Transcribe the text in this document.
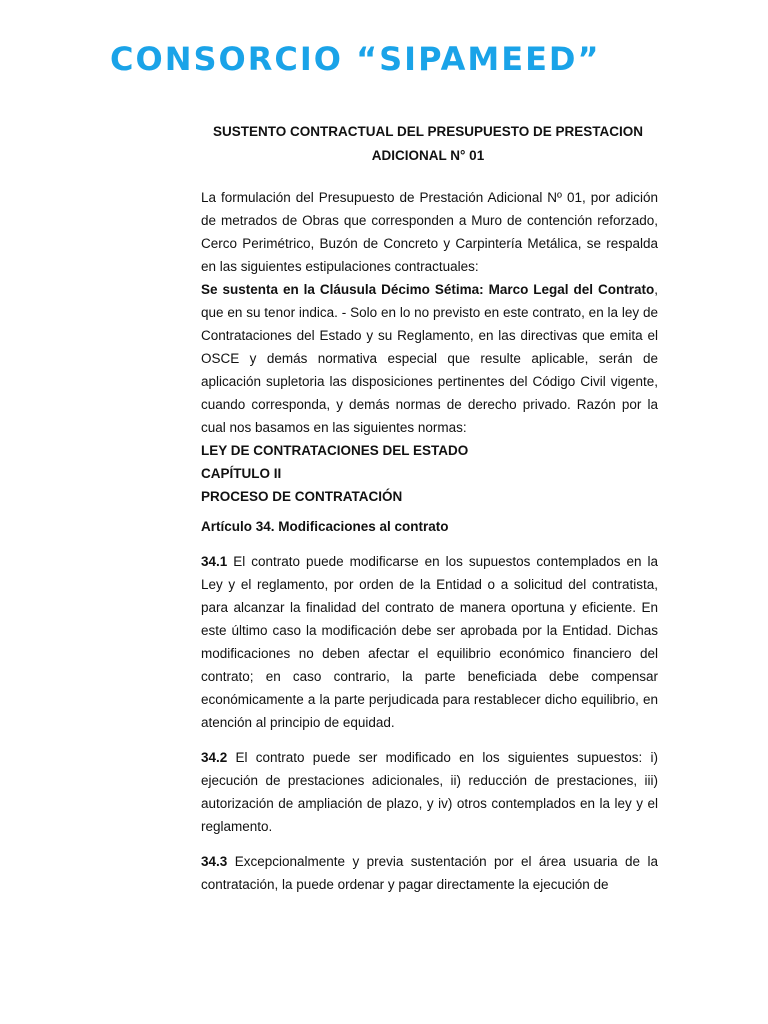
CONSORCIO “SIPAMEED”
SUSTENTO CONTRACTUAL DEL PRESUPUESTO DE PRESTACION
ADICIONAL N° 01

La formulación del Presupuesto de Prestación Adicional Nº 01, por adición de metrados de Obras que corresponden a Muro de contención reforzado, Cerco Perimétrico, Buzón de Concreto y Carpintería Metálica, se respalda en las siguientes estipulaciones contractuales:

Se sustenta en la Cláusula Décimo Sétima: Marco Legal del Contrato, que en su tenor indica. - Solo en lo no previsto en este contrato, en la ley de Contrataciones del Estado y su Reglamento, en las directivas que emita el OSCE y demás normativa especial que resulte aplicable, serán de aplicación supletoria las disposiciones pertinentes del Código Civil vigente, cuando corresponda, y demás normas de derecho privado. Razón por la cual nos basamos en las siguientes normas:

LEY DE CONTRATACIONES DEL ESTADO

CAPÍTULO II

PROCESO DE CONTRATACIÓN

Artículo 34. Modificaciones al contrato

34.1 El contrato puede modificarse en los supuestos contemplados en la Ley y el reglamento, por orden de la Entidad o a solicitud del contratista, para alcanzar la finalidad del contrato de manera oportuna y eficiente. En este último caso la modificación debe ser aprobada por la Entidad. Dichas modificaciones no deben afectar el equilibrio económico financiero del contrato; en caso contrario, la parte beneficiada debe compensar económicamente a la parte perjudicada para restablecer dicho equilibrio, en atención al principio de equidad.

34.2 El contrato puede ser modificado en los siguientes supuestos: i) ejecución de prestaciones adicionales, ii) reducción de prestaciones, iii) autorización de ampliación de plazo, y iv) otros contemplados en la ley y el reglamento.

34.3 Excepcionalmente y previa sustentación por el área usuaria de la contratación, la puede ordenar y pagar directamente la ejecución de
